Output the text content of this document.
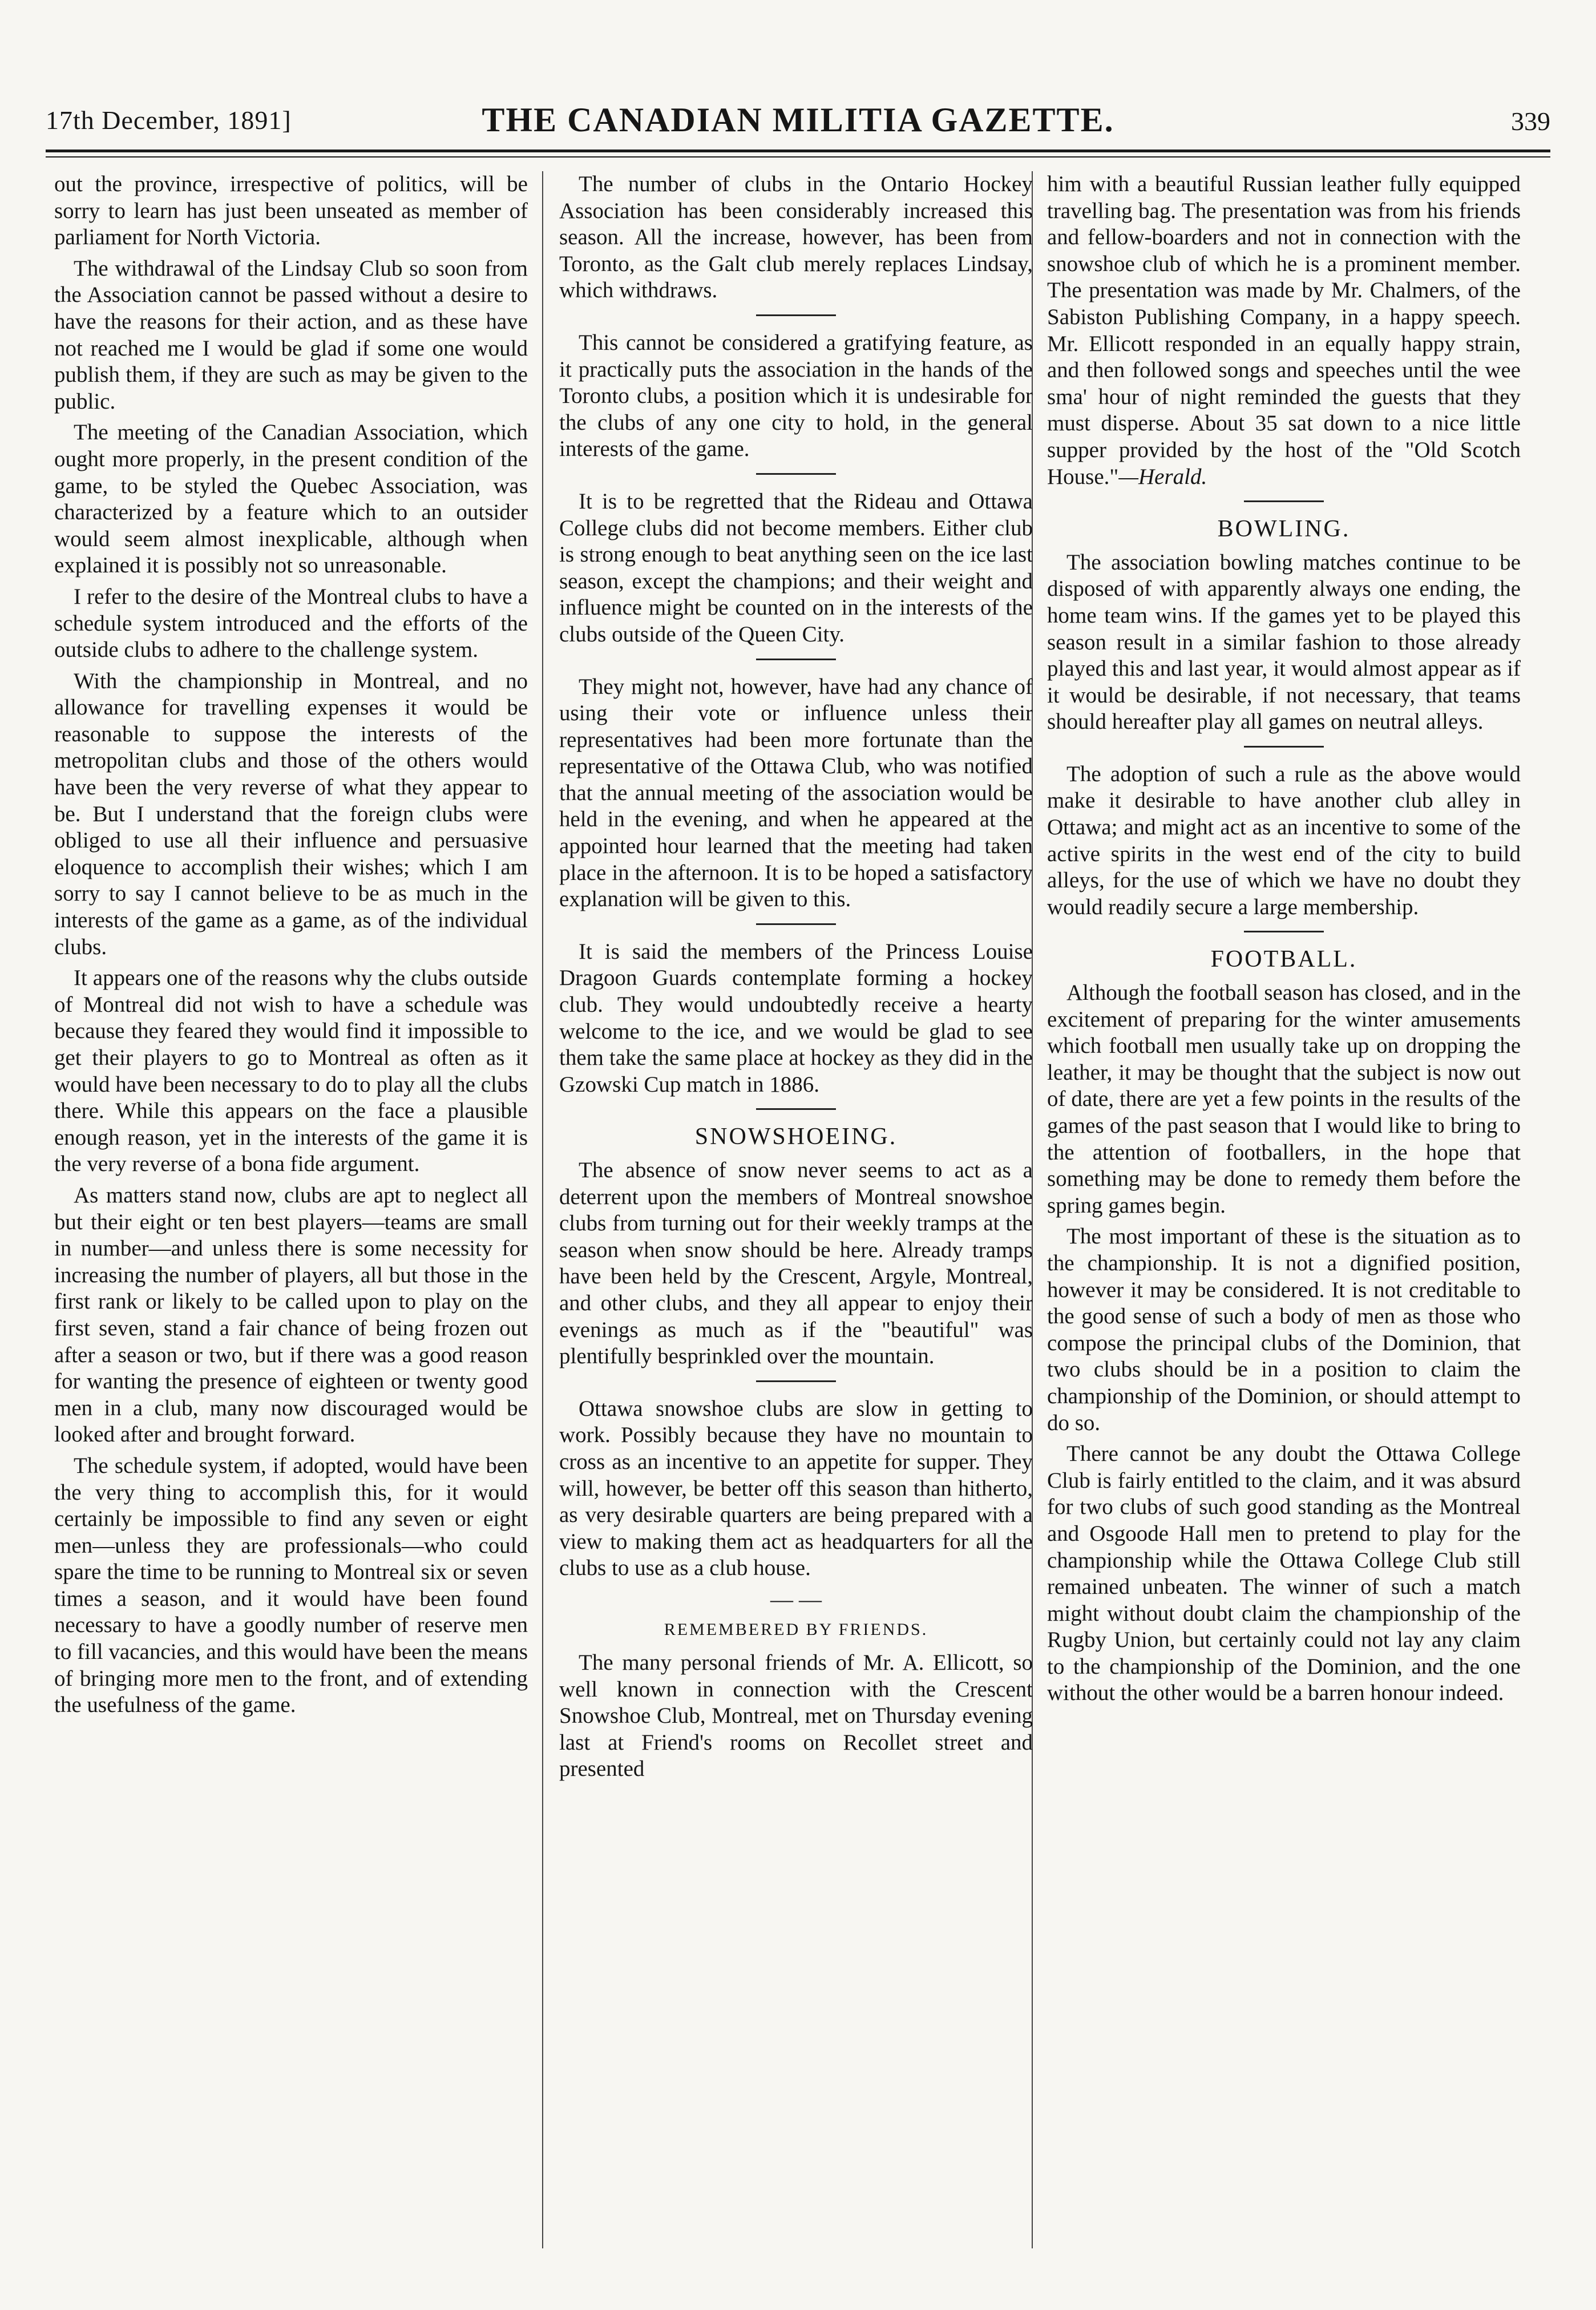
17th December, 1891]	THE CANADIAN MILITIA GAZETTE.	339

out the province, irrespective of politics, will be sorry to learn has just been unseated as member of parliament for North Victoria.

The withdrawal of the Lindsay Club so soon from the Association cannot be passed without a desire to have the reasons for their action, and as these have not reached me I would be glad if some one would publish them, if they are such as may be given to the public.

The meeting of the Canadian Association, which ought more properly, in the present condition of the game, to be styled the Quebec Association, was characterized by a feature which to an outsider would seem almost inexplicable, although when explained it is possibly not so unreasonable.

I refer to the desire of the Montreal clubs to have a schedule system introduced and the efforts of the outside clubs to adhere to the challenge system.

With the championship in Montreal, and no allowance for travelling expenses it would be reasonable to suppose the interests of the metropolitan clubs and those of the others would have been the very reverse of what they appear to be. But I understand that the foreign clubs were obliged to use all their influence and persuasive eloquence to accomplish their wishes; which I am sorry to say I cannot believe to be as much in the interests of the game as a game, as of the individual clubs.

It appears one of the reasons why the clubs outside of Montreal did not wish to have a schedule was because they feared they would find it impossible to get their players to go to Montreal as often as it would have been necessary to do to play all the clubs there. While this appears on the face a plausible enough reason, yet in the interests of the game it is the very reverse of a bona fide argument.

As matters stand now, clubs are apt to neglect all but their eight or ten best players—teams are small in number—and unless there is some necessity for increasing the number of players, all but those in the first rank or likely to be called upon to play on the first seven, stand a fair chance of being frozen out after a season or two, but if there was a good reason for wanting the presence of eighteen or twenty good men in a club, many now discouraged would be looked after and brought forward.

The schedule system, if adopted, would have been the very thing to accomplish this, for it would certainly be impossible to find any seven or eight men—unless they are professionals—who could spare the time to be running to Montreal six or seven times a season, and it would have been found necessary to have a goodly number of reserve men to fill vacancies, and this would have been the means of bringing more men to the front, and of extending the usefulness of the game.

The number of clubs in the Ontario Hockey Association has been considerably increased this season. All the increase, however, has been from Toronto, as the Galt club merely replaces Lindsay, which withdraws.

This cannot be considered a gratifying feature, as it practically puts the association in the hands of the Toronto clubs, a position which it is undesirable for the clubs of any one city to hold, in the general interests of the game.

It is to be regretted that the Rideau and Ottawa College clubs did not become members. Either club is strong enough to beat anything seen on the ice last season, except the champions; and their weight and influence might be counted on in the interests of the clubs outside of the Queen City.

They might not, however, have had any chance of using their vote or influence unless their representatives had been more fortunate than the representative of the Ottawa Club, who was notified that the annual meeting of the association would be held in the evening, and when he appeared at the appointed hour learned that the meeting had taken place in the afternoon. It is to be hoped a satisfactory explanation will be given to this.

It is said the members of the Princess Louise Dragoon Guards contemplate forming a hockey club. They would undoubtedly receive a hearty welcome to the ice, and we would be glad to see them take the same place at hockey as they did in the Gzowski Cup match in 1886.

SNOWSHOEING.

The absence of snow never seems to act as a deterrent upon the members of Montreal snowshoe clubs from turning out for their weekly tramps at the season when snow should be here. Already tramps have been held by the Crescent, Argyle, Montreal, and other clubs, and they all appear to enjoy their evenings as much as if the "beautiful" was plentifully besprinkled over the mountain.

Ottawa snowshoe clubs are slow in getting to work. Possibly because they have no mountain to cross as an incentive to an appetite for supper. They will, however, be better off this season than hitherto, as very desirable quarters are being prepared with a view to making them act as headquarters for all the clubs to use as a club house.

— —
REMEMBERED BY FRIENDS.

The many personal friends of Mr. A. Ellicott, so well known in connection with the Crescent Snowshoe Club, Montreal, met on Thursday evening last at Friend's rooms on Recollet street and presented

him with a beautiful Russian leather fully equipped travelling bag. The presentation was from his friends and fellow-boarders and not in connection with the snowshoe club of which he is a prominent member. The presentation was made by Mr. Chalmers, of the Sabiston Publishing Company, in a happy speech. Mr. Ellicott responded in an equally happy strain, and then followed songs and speeches until the wee sma' hour of night reminded the guests that they must disperse. About 35 sat down to a nice little supper provided by the host of the "Old Scotch House."—Herald.

BOWLING.

The association bowling matches continue to be disposed of with apparently always one ending, the home team wins. If the games yet to be played this season result in a similar fashion to those already played this and last year, it would almost appear as if it would be desirable, if not necessary, that teams should hereafter play all games on neutral alleys.

The adoption of such a rule as the above would make it desirable to have another club alley in Ottawa; and might act as an incentive to some of the active spirits in the west end of the city to build alleys, for the use of which we have no doubt they would readily secure a large membership.

FOOTBALL.

Although the football season has closed, and in the excitement of preparing for the winter amusements which football men usually take up on dropping the leather, it may be thought that the subject is now out of date, there are yet a few points in the results of the games of the past season that I would like to bring to the attention of footballers, in the hope that something may be done to remedy them before the spring games begin.

The most important of these is the situation as to the championship. It is not a dignified position, however it may be considered. It is not creditable to the good sense of such a body of men as those who compose the principal clubs of the Dominion, that two clubs should be in a position to claim the championship of the Dominion, or should attempt to do so.

There cannot be any doubt the Ottawa College Club is fairly entitled to the claim, and it was absurd for two clubs of such good standing as the Montreal and Osgoode Hall men to pretend to play for the championship while the Ottawa College Club still remained unbeaten. The winner of such a match might without doubt claim the championship of the Rugby Union, but certainly could not lay any claim to the championship of the Dominion, and the one without the other would be a barren honour indeed.
